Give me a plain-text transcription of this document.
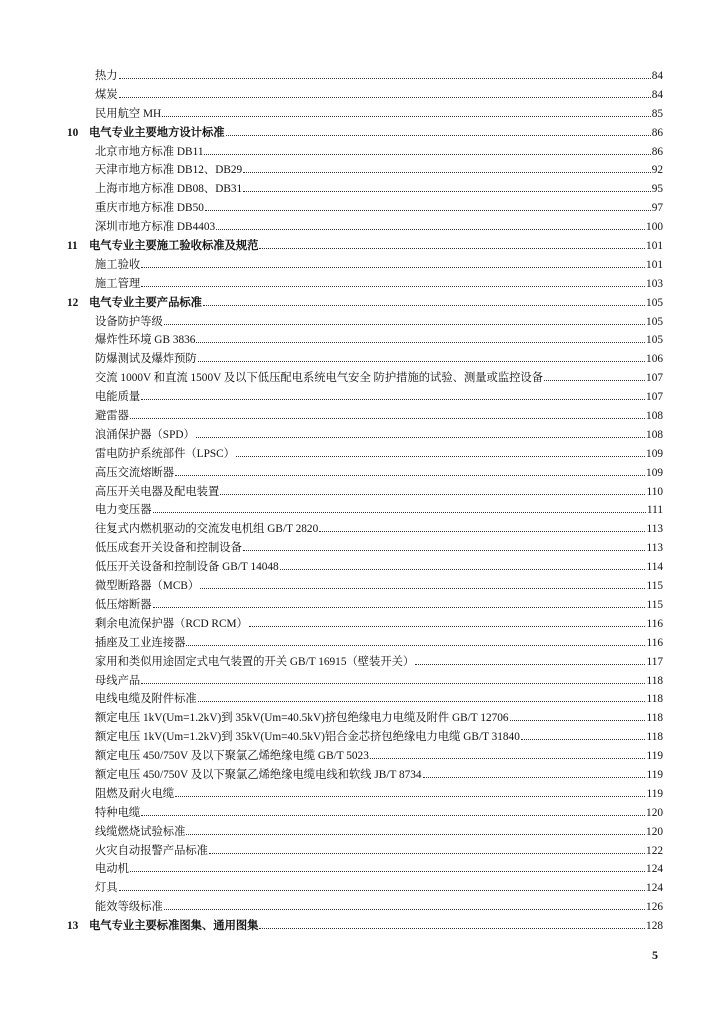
热力	84
煤炭	84
民用航空 MH	85
10 电气专业主要地方设计标准	86
北京市地方标准 DB11	86
天津市地方标准 DB12、DB29	92
上海市地方标准 DB08、DB31	95
重庆市地方标准 DB50	97
深圳市地方标准 DB4403	100
11	电气专业主要施工验收标准及规范	101
施工验收	101
施工管理	103
12 电气专业主要产品标准	105
设备防护等级	105
爆炸性环境 GB 3836	105
防爆测试及爆炸预防	106
交流 1000V 和直流 1500V 及以下低压配电系统电气安全 防护措施的试验、测量或监控设备	107
电能质量	107
避雷器	108
浪涌保护器（SPD）	108
雷电防护系统部件（LPSC）	109
高压交流熔断器	109
高压开关电器及配电装置	110
电力变压器	111
往复式内燃机驱动的交流发电机组 GB/T 2820	113
低压成套开关设备和控制设备	113
低压开关设备和控制设备 GB/T 14048	114
微型断路器（MCB）	115
低压熔断器	115
剩余电流保护器（RCD RCM）	116
插座及工业连接器	116
家用和类似用途固定式电气装置的开关 GB/T 16915（壁装开关）	117
母线产品	118
电线电缆及附件标准	118
额定电压 1kV(Um=1.2kV)到 35kV(Um=40.5kV)挤包绝缘电力电缆及附件 GB/T 12706	118
额定电压 1kV(Um=1.2kV)到 35kV(Um=40.5kV)铝合金芯挤包绝缘电力电缆 GB/T 31840	118
额定电压 450/750V 及以下聚氯乙烯绝缘电缆 GB/T 5023	119
额定电压 450/750V 及以下聚氯乙烯绝缘电缆电线和软线 JB/T 8734	119
阻燃及耐火电缆	119
特种电缆	120
线缆燃烧试验标准	120
火灾自动报警产品标准	122
电动机	124
灯具	124
能效等级标准	126
13 电气专业主要标准图集、通用图集	128
5
